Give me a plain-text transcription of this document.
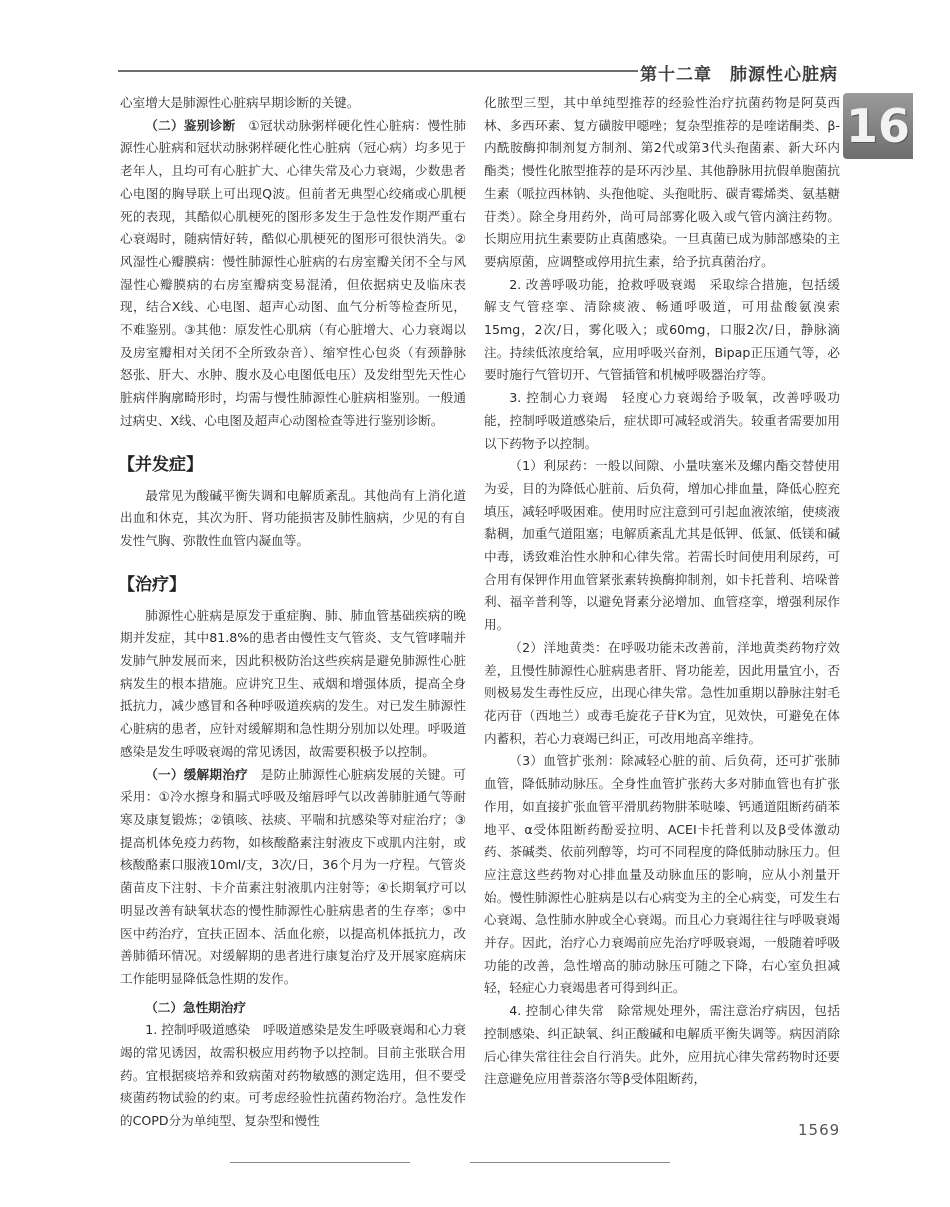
第十二章　肺源性心脏病
16

心室增大是肺源性心脏病早期诊断的关键。

（二）鉴别诊断　 ①冠状动脉粥样硬化性心脏病：慢性肺源性心脏病和冠状动脉粥样硬化性心脏病（冠心病）均多见于老年人，且均可有心脏扩大、心律失常及心力衰竭，少数患者心电图的胸导联上可出现Q波。但前者无典型心绞痛或心肌梗死的表现，其酷似心肌梗死的图形多发生于急性发作期严重右心衰竭时，随病情好转，酷似心肌梗死的图形可很快消失。②风湿性心瓣膜病：慢性肺源性心脏病的右房室瓣关闭不全与风湿性心瓣膜病的右房室瓣病变易混淆，但依据病史及临床表现，结合X线、心电图、超声心动图、血气分析等检查所见，不难鉴别。③其他：原发性心肌病（有心脏增大、心力衰竭以及房室瓣相对关闭不全所致杂音）、缩窄性心包炎（有颈静脉怒张、肝大、水肿、腹水及心电图低电压）及发绀型先天性心脏病伴胸廓畸形时，均需与慢性肺源性心脏病相鉴别。一般通过病史、X线、心电图及超声心动图检查等进行鉴别诊断。

【并发症】

最常见为酸碱平衡失调和电解质紊乱。其他尚有上消化道出血和休克，其次为肝、肾功能损害及肺性脑病，少见的有自发性气胸、弥散性血管内凝血等。

【治疗】

肺源性心脏病是原发于重症胸、肺、肺血管基础疾病的晚期并发症，其中81.8%的患者由慢性支气管炎、支气管哮喘并发肺气肿发展而来，因此积极防治这些疾病是避免肺源性心脏病发生的根本措施。应讲究卫生、戒烟和增强体质，提高全身抵抗力，减少感冒和各种呼吸道疾病的发生。对已发生肺源性心脏病的患者，应针对缓解期和急性期分别加以处理。呼吸道感染是发生呼吸衰竭的常见诱因，故需要积极予以控制。

（一）缓解期治疗　 是防止肺源性心脏病发展的关键。可采用：①冷水擦身和膈式呼吸及缩唇呼气以改善肺脏通气等耐寒及康复锻炼；②镇咳、祛痰、平喘和抗感染等对症治疗；③提高机体免疫力药物，如核酸酪素注射液皮下或肌内注射，或核酸酪素口服液10ml/支，3次/日，36个月为一疗程。气管炎菌苗皮下注射、卡介苗素注射液肌内注射等；④长期氧疗可以明显改善有缺氧状态的慢性肺源性心脏病患者的生存率；⑤中医中药治疗，宜扶正固本、活血化瘀，以提高机体抵抗力，改善肺循环情况。对缓解期的患者进行康复治疗及开展家庭病床工作能明显降低急性期的发作。

（二）急性期治疗

1. 控制呼吸道感染　 呼吸道感染是发生呼吸衰竭和心力衰竭的常见诱因，故需积极应用药物予以控制。目前主张联合用药。宜根据痰培养和致病菌对药物敏感的测定选用，但不要受痰菌药物试验的约束。可考虑经验性抗菌药物治疗。急性发作的COPD分为单纯型、复杂型和慢性

化脓型三型，其中单纯型推荐的经验性治疗抗菌药物是阿莫西林、多西环素、复方磺胺甲噁唑；复杂型推荐的是喹诺酮类、β-内酰胺酶抑制剂复方制剂、第2代或第3代头孢菌素、新大环内酯类；慢性化脓型推荐的是环丙沙星、其他静脉用抗假单胞菌抗生素（哌拉西林钠、头孢他啶、头孢吡肟、碳青霉烯类、氨基糖苷类）。除全身用药外，尚可局部雾化吸入或气管内滴注药物。长期应用抗生素要防止真菌感染。一旦真菌已成为肺部感染的主要病原菌，应调整或停用抗生素，给予抗真菌治疗。

2. 改善呼吸功能，抢救呼吸衰竭　 采取综合措施，包括缓解支气管痉挛、清除痰液、畅通呼吸道，可用盐酸氨溴索15mg，2次/日，雾化吸入；或60mg，口服2次/日，静脉滴注。持续低浓度给氧，应用呼吸兴奋剂，Bipap正压通气等，必要时施行气管切开、气管插管和机械呼吸器治疗等。

3. 控制心力衰竭　 轻度心力衰竭给予吸氧，改善呼吸功能，控制呼吸道感染后，症状即可减轻或消失。较重者需要加用以下药物予以控制。

（1）利尿药：一般以间隙、小量呋塞米及螺内酯交替使用为妥，目的为降低心脏前、后负荷，增加心排血量，降低心腔充填压，减轻呼吸困难。使用时应注意到可引起血液浓缩，使痰液黏稠，加重气道阻塞；电解质紊乱尤其是低钾、低氯、低镁和碱中毒，诱致难治性水肿和心律失常。若需长时间使用利尿药，可合用有保钾作用血管紧张素转换酶抑制剂，如卡托普利、培哚普利、福辛普利等，以避免肾素分泌增加、血管痉挛，增强利尿作用。

（2）洋地黄类：在呼吸功能未改善前，洋地黄类药物疗效差，且慢性肺源性心脏病患者肝、肾功能差，因此用量宜小，否则极易发生毒性反应，出现心律失常。急性加重期以静脉注射毛花丙苷（西地兰）或毒毛旋花子苷K为宜，见效快，可避免在体内蓄积，若心力衰竭已纠正，可改用地高辛维持。

（3）血管扩张剂：除减轻心脏的前、后负荷，还可扩张肺血管，降低肺动脉压。全身性血管扩张药大多对肺血管也有扩张作用，如直接扩张血管平滑肌药物肼苯哒嗪、钙通道阻断药硝苯地平、α受体阻断药酚妥拉明、ACEI卡托普利以及β受体激动药、茶碱类、依前列醇等，均可不同程度的降低肺动脉压力。但应注意这些药物对心排血量及动脉血压的影响，应从小剂量开始。慢性肺源性心脏病是以右心病变为主的全心病变，可发生右心衰竭、急性肺水肿或全心衰竭。而且心力衰竭往往与呼吸衰竭并存。因此，治疗心力衰竭前应先治疗呼吸衰竭，一般随着呼吸功能的改善，急性增高的肺动脉压可随之下降，右心室负担减轻，轻症心力衰竭患者可得到纠正。

4. 控制心律失常　 除常规处理外，需注意治疗病因，包括控制感染、纠正缺氧、纠正酸碱和电解质平衡失调等。病因消除后心律失常往往会自行消失。此外，应用抗心律失常药物时还要注意避免应用普萘洛尔等β受体阻断药，

1569
